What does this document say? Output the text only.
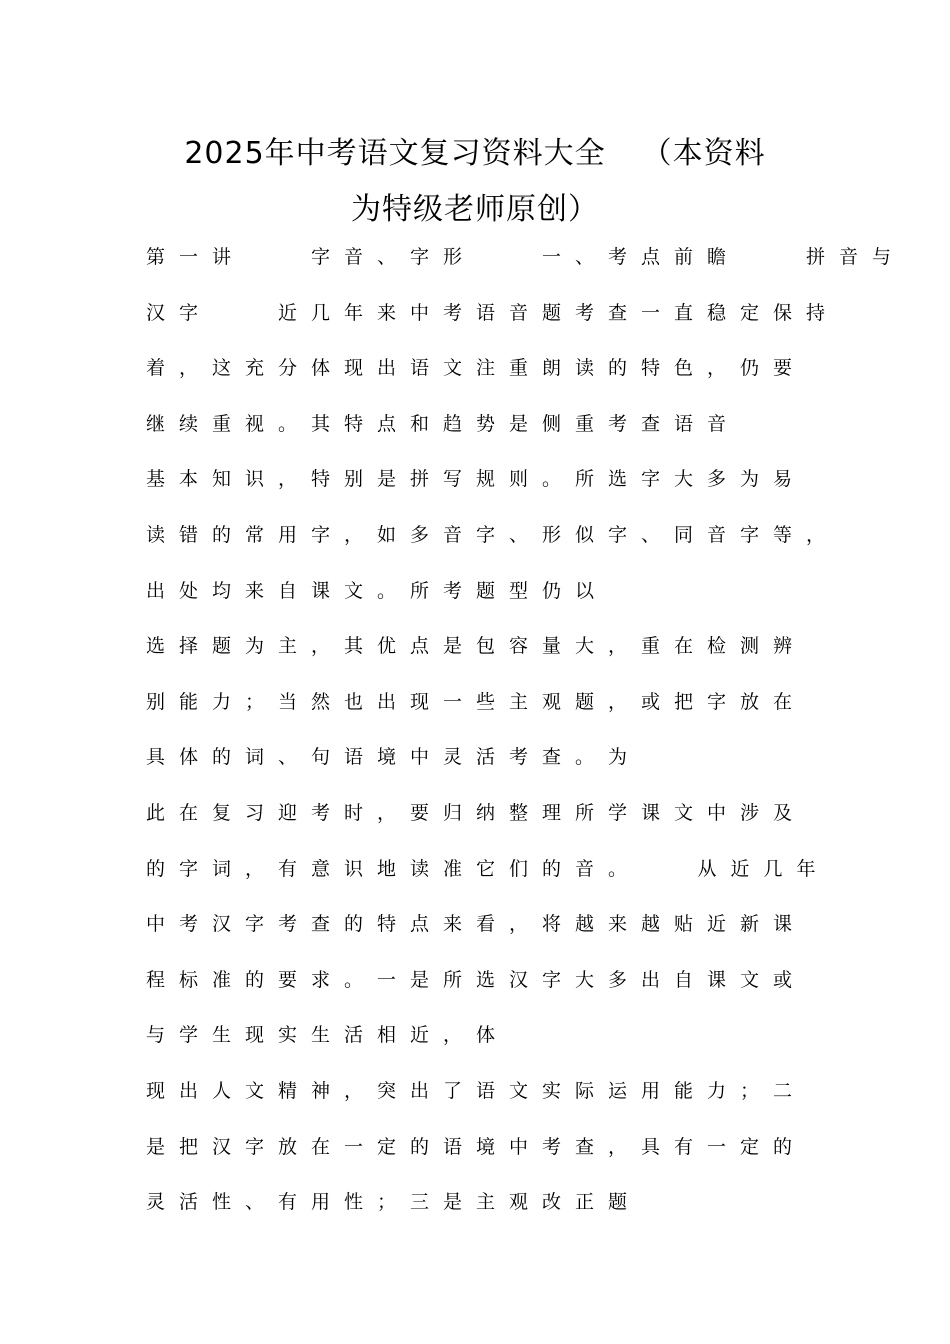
2025年中考语文复习资料大全 （本资料
为特级老师原创）
第一讲　　字音、字形　　一、考点前瞻　　拼音与
汉字　　近几年来中考语音题考查一直稳定保持
着，这充分体现出语文注重朗读的特色，仍要
继续重视。其特点和趋势是侧重考查语音
基本知识，特别是拼写规则。所选字大多为易
读错的常用字，如多音字、形似字、同音字等，
出处均来自课文。所考题型仍以
选择题为主，其优点是包容量大，重在检测辨
别能力；当然也出现一些主观题，或把字放在
具体的词、句语境中灵活考查。为
此在复习迎考时，要归纳整理所学课文中涉及
的字词，有意识地读准它们的音。　　从近几年
中考汉字考查的特点来看，将越来越贴近新课
程标准的要求。一是所选汉字大多出自课文或
与学生现实生活相近，体
现出人文精神，突出了语文实际运用能力；二
是把汉字放在一定的语境中考查，具有一定的
灵活性、有用性；三是主观改正题
